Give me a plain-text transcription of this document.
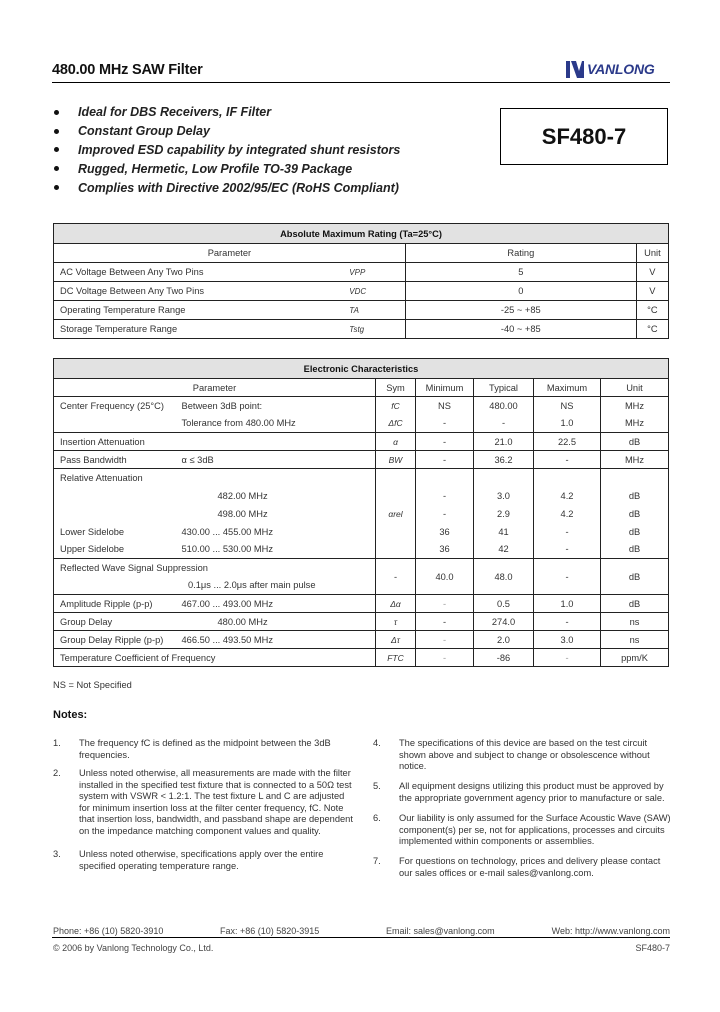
480.00 MHz SAW Filter	VANLONG
Ideal for DBS Receivers, IF Filter
Constant Group Delay
Improved ESD capability by integrated shunt resistors
Rugged, Hermetic, Low Profile TO-39 Package
Complies with Directive 2002/95/EC (RoHS Compliant)
SF480-7
Absolute Maximum Rating (Ta=25°C)			
Parameter		Rating	Unit
AC Voltage Between Any Two Pins	VPP	5	V
DC Voltage Between Any Two Pins	VDC	0	V
Operating Temperature Range	TA	-25 ~ +85	°C
Storage Temperature Range	Tstg	-40 ~ +85	°C
Electronic Characteristics						
Parameter		Sym	Minimum	Typical	Maximum	Unit
Center Frequency (25°C)	Between 3dB point:	fC	NS	480.00	NS	MHz
	Tolerance from 480.00 MHz	ΔfC	-	-	1.0	MHz
Insertion Attenuation		α	-	21.0	22.5	dB
Pass Bandwidth	α ≤ 3dB	BW	-	36.2	-	MHz
Relative Attenuation		αrel				
	482.00 MHz		-	3.0	4.2	dB
	498.00 MHz		-	2.9	4.2	dB
Lower Sidelobe	430.00 ... 455.00 MHz		36	41	-	dB
Upper Sidelobe	510.00 ... 530.00 MHz		36	42	-	dB
Reflected Wave Signal Suppression		-	40.0	48.0	-	dB
0.1μs ... 2.0μs after main pulse						
Amplitude Ripple (p-p)	467.00 ... 493.00 MHz	Δα	-	0.5	1.0	dB
Group Delay	480.00 MHz	τ	-	274.0	-	ns
Group Delay Ripple (p-p)	466.50 ... 493.50 MHz	Δτ	-	2.0	3.0	ns
Temperature Coefficient of Frequency		FTC	-	-86	-	ppm/K
NS = Not Specified
Notes:
1.	The frequency fC is defined as the midpoint between the 3dB frequencies.
2.	Unless noted otherwise, all measurements are made with the filter installed in the specified test fixture that is connected to a 50Ω test system with VSWR < 1.2:1. The test fixture L and C are adjusted for minimum insertion loss at the filter center frequency, fC. Note that insertion loss, bandwidth, and passband shape are dependent on the impedance matching component values and quality.
3.	Unless noted otherwise, specifications apply over the entire specified operating temperature range.
4.	The specifications of this device are based on the test circuit shown above and subject to change or obsolescence without notice.
5.	All equipment designs utilizing this product must be approved by the appropriate government agency prior to manufacture or sale.
6.	Our liability is only assumed for the Surface Acoustic Wave (SAW) component(s) per se, not for applications, processes and circuits implemented within components or assemblies.
7.	For questions on technology, prices and delivery please contact our sales offices or e-mail sales@vanlong.com.
Phone: +86 (10) 5820-3910	Fax: +86 (10) 5820-3915	Email: sales@vanlong.com	Web: http://www.vanlong.com
© 2006 by Vanlong Technology Co., Ltd.	SF480-7
